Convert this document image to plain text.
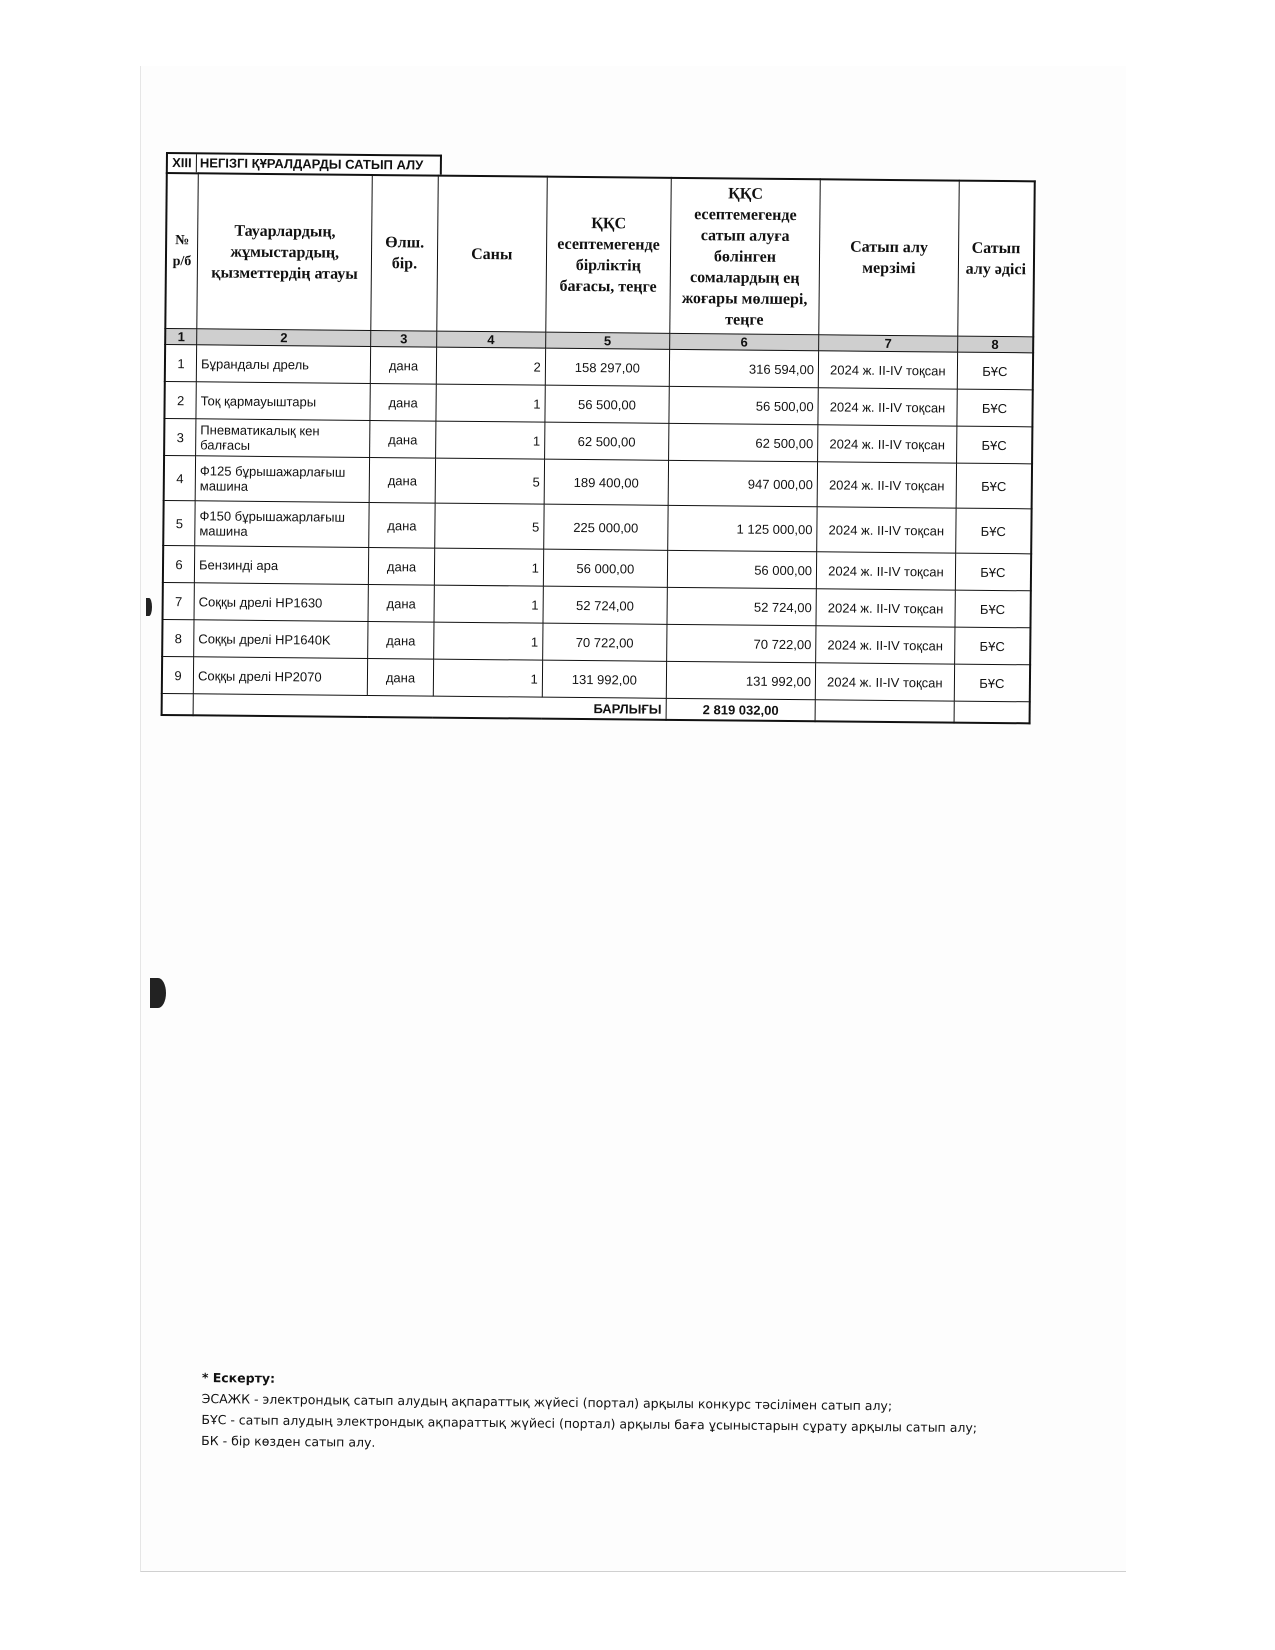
XIII НЕГІЗГІ ҚҰРАЛДАРДЫ САТЫП АЛУ
№ р/б	Тауарлардың, жұмыстардың, қызметтердің атауы	Өлш. бір.	Саны	ҚҚС есептемегенде бірліктің бағасы, теңге	ҚҚС есептемегенде сатып алуға бөлінген сомалардың ең жоғары мөлшері, теңге	Сатып алу мерзімі	Сатып алу әдісі
1	2	3	4	5	6	7	8
1	Бұрандалы дрель	дана	2	158 297,00	316 594,00	2024 ж. II-IV тоқсан	БҰС
2	Тоқ қармауыштары	дана	1	56 500,00	56 500,00	2024 ж. II-IV тоқсан	БҰС
3	Пневматикалық кен балғасы	дана	1	62 500,00	62 500,00	2024 ж. II-IV тоқсан	БҰС
4	Ф125 бұрышажарлағыш машина	дана	5	189 400,00	947 000,00	2024 ж. II-IV тоқсан	БҰС
5	Ф150 бұрышажарлағыш машина	дана	5	225 000,00	1 125 000,00	2024 ж. II-IV тоқсан	БҰС
6	Бензинді ара	дана	1	56 000,00	56 000,00	2024 ж. II-IV тоқсан	БҰС
7	Соққы дрелі HP1630	дана	1	52 724,00	52 724,00	2024 ж. II-IV тоқсан	БҰС
8	Соққы дрелі HP1640K	дана	1	70 722,00	70 722,00	2024 ж. II-IV тоқсан	БҰС
9	Соққы дрелі HP2070	дана	1	131 992,00	131 992,00	2024 ж. II-IV тоқсан	БҰС
	БАРЛЫҒЫ				2 819 032,00		
* Ескерту:
ЭСАЖК - электрондық сатып алудың ақпараттық жүйесі (портал) арқылы конкурс тәсілімен сатып алу;
БҰС - сатып алудың электрондық ақпараттық жүйесі (портал) арқылы баға ұсыныстарын сұрату арқылы сатып алу;
БК - бір көзден сатып алу.
